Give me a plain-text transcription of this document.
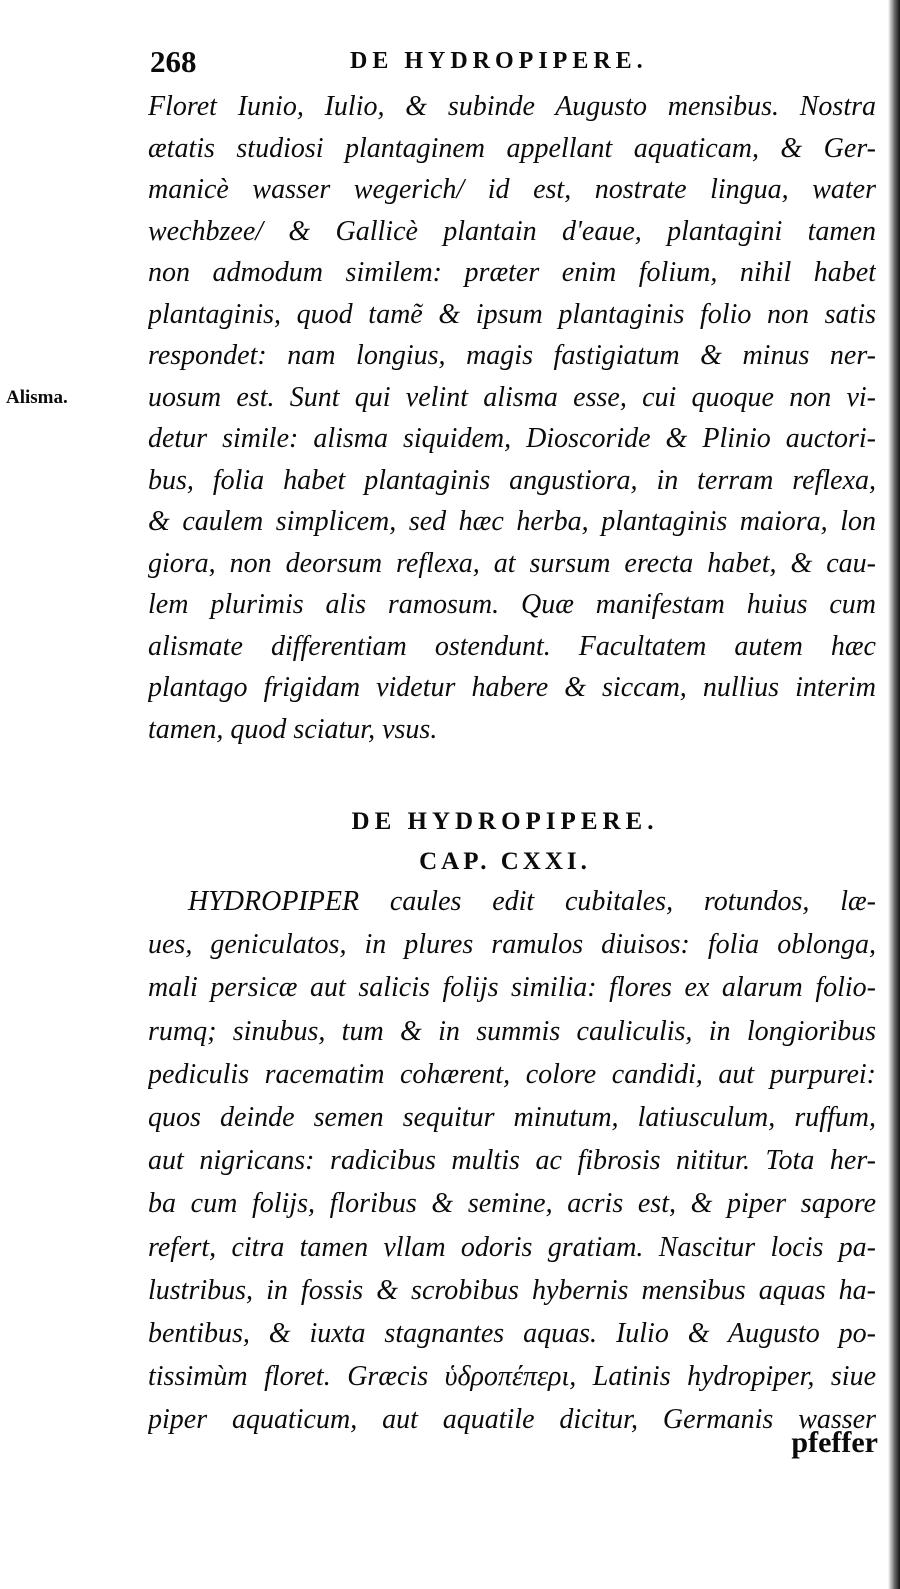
268	DE HYDROPIPERE.
Alisma.
Floret Iunio, Iulio, & subinde Augusto mensibus. Nostra
ætatis studiosi plantaginem appellant aquaticam, & Ger-
manicè wasser wegerich/ id est, nostrate lingua, water
wechbzee/ & Gallicè plantain d'eaue, plantagini tamen
non admodum similem: præter enim folium, nihil habet
plantaginis, quod tamẽ & ipsum plantaginis folio non satis
respondet: nam longius, magis fastigiatum & minus ner-
uosum est. Sunt qui velint alisma esse, cui quoque non vi-
detur simile: alisma siquidem, Dioscoride & Plinio auctori-
bus, folia habet plantaginis angustiora, in terram reflexa,
& caulem simplicem, sed hæc herba, plantaginis maiora, lon
giora, non deorsum reflexa, at sursum erecta habet, & cau-
lem plurimis alis ramosum. Quæ manifestam huius cum
alismate differentiam ostendunt. Facultatem autem hæc
plantago frigidam videtur habere & siccam, nullius interim
tamen, quod sciatur, vsus.
DE HYDROPIPERE.
CAP. CXXI.
HYDROPIPER caules edit cubitales, rotundos, læ-
ues, geniculatos, in plures ramulos diuisos: folia oblonga,
mali persicæ aut salicis folijs similia: flores ex alarum folio-
rumq; sinubus, tum & in summis cauliculis, in longioribus
pediculis racematim cohærent, colore candidi, aut purpurei:
quos deinde semen sequitur minutum, latiusculum, ruffum,
aut nigricans: radicibus multis ac fibrosis nititur. Tota her-
ba cum folijs, floribus & semine, acris est, & piper sapore
refert, citra tamen vllam odoris gratiam. Nascitur locis pa-
lustribus, in fossis & scrobibus hybernis mensibus aquas ha-
bentibus, & iuxta stagnantes aquas. Iulio & Augusto po-
tissimùm floret. Græcis ὑδροπέπερι, Latinis hydropiper, siue
piper aquaticum, aut aquatile dicitur, Germanis wasser
pfeffer
